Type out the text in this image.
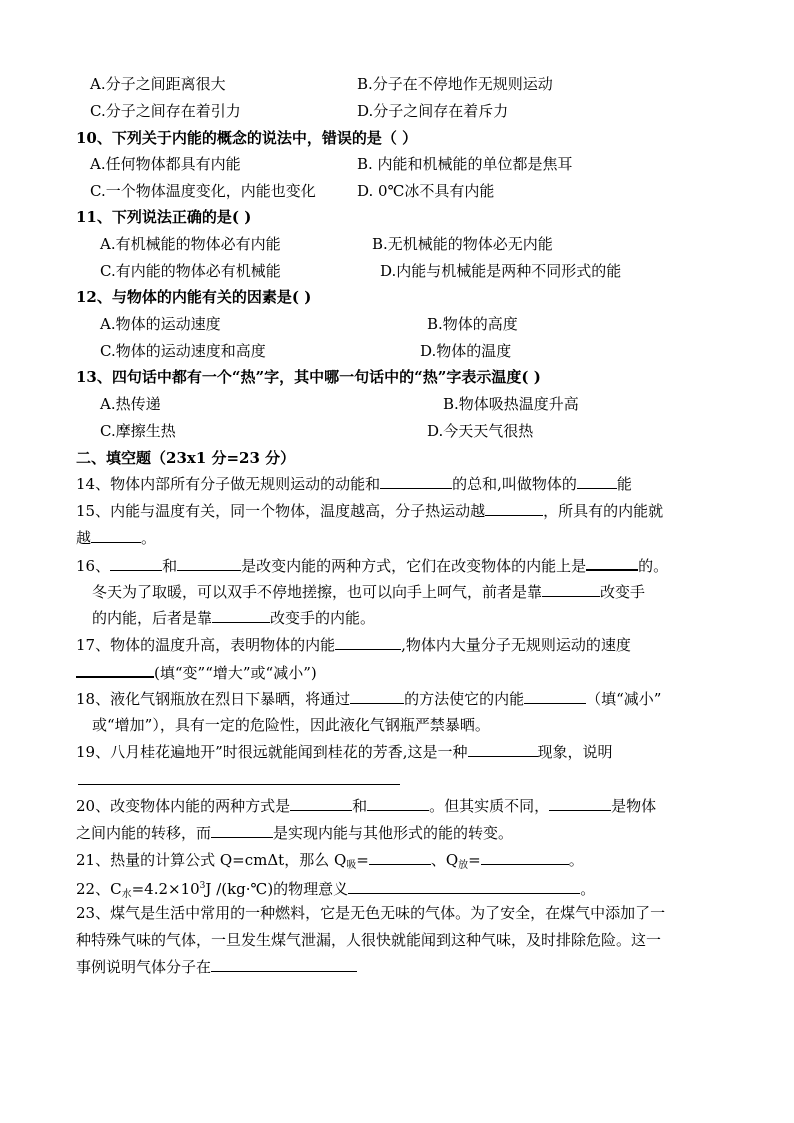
A.分子之间距离很大	B.分子在不停地作无规则运动
C.分子之间存在着引力	D.分子之间存在着斥力
10、下列关于内能的概念的说法中，错误的是（ ）
A.任何物体都具有内能	B. 内能和机械能的单位都是焦耳
C.一个物体温度变化，内能也变化	D. 0℃冰不具有内能
11、下列说法正确的是( )
A.有机械能的物体必有内能	B.无机械能的物体必无内能
C.有内能的物体必有机械能	D.内能与机械能是两种不同形式的能
12、与物体的内能有关的因素是( )
A.物体的运动速度	B.物体的高度
C.物体的运动速度和高度	D.物体的温度
13、四句话中都有一个“热”字，其中哪一句话中的“热”字表示温度( )
A.热传递	B.物体吸热温度升高
C.摩擦生热	D.今天天气很热
二、填空题（23x1 分=23 分）
14、物体内部所有分子做无规则运动的动能和	的总和,叫做物体的	能
15、内能与温度有关，同一个物体，温度越高，分子热运动越	，所具有的内能就
越	。
16、	和	是改变内能的两种方式，它们在改变物体的内能上是	的。
冬天为了取暖，可以双手不停地搓擦，也可以向手上呵气，前者是靠	改变手
的内能，后者是靠	改变手的内能。
17、物体的温度升高，表明物体的内能	,物体内大量分子无规则运动的速度
(填“变”“增大”或“减小”)
18、液化气钢瓶放在烈日下暴晒，将通过	的方法使它的内能	（填“减小”
或“增加”），具有一定的危险性，因此液化气钢瓶严禁暴晒。
19、八月桂花遍地开”时很远就能闻到桂花的芳香,这是一种	现象，说明
20、改变物体内能的两种方式是	和	。但其实质不同，	是物体
之间内能的转移，而	是实现内能与其他形式的能的转变。
21、热量的计算公式 Q=cmΔt，那么 $Q_吸=$	、$Q_放=$	。
22、$C_水=4.2\times 10^3J$ /(kg·℃)的物理意义	。
23、煤气是生活中常用的一种燃料，它是无色无味的气体。为了安全，在煤气中添加了一
种特殊气味的气体，一旦发生煤气泄漏，人很快就能闻到这种气味，及时排除危险。这一
事例说明气体分子在
